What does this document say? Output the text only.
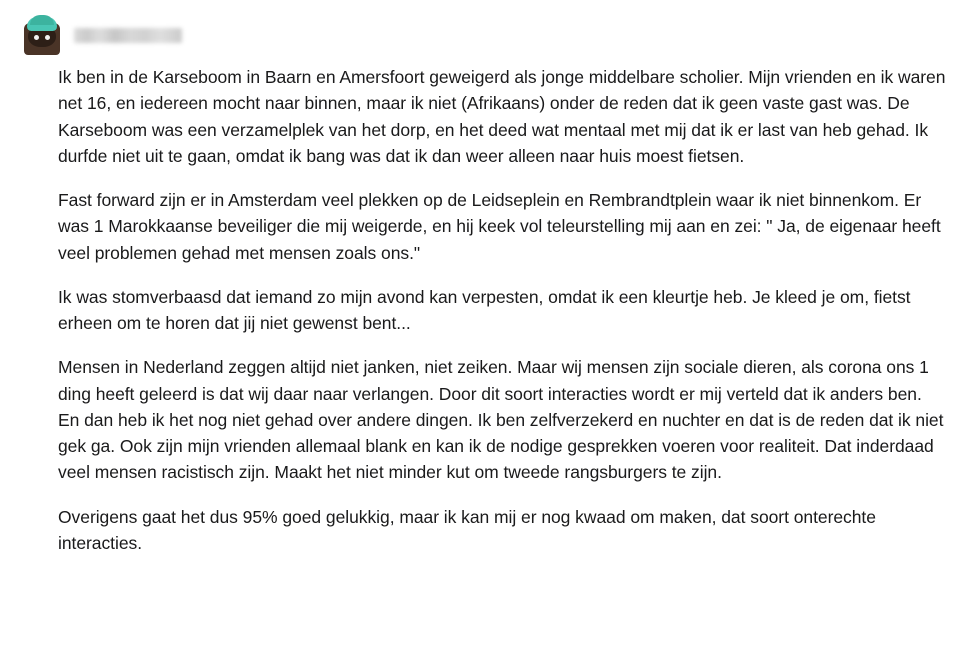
Ik ben in de Karseboom in Baarn en Amersfoort geweigerd als jonge middelbare scholier. Mijn vrienden en ik waren net 16, en iedereen mocht naar binnen, maar ik niet (Afrikaans) onder de reden dat ik geen vaste gast was. De Karseboom was een verzamelplek van het dorp, en het deed wat mentaal met mij dat ik er last van heb gehad. Ik durfde niet uit te gaan, omdat ik bang was dat ik dan weer alleen naar huis moest fietsen.

Fast forward zijn er in Amsterdam veel plekken op de Leidseplein en Rembrandtplein waar ik niet binnenkom. Er was 1 Marokkaanse beveiliger die mij weigerde, en hij keek vol teleurstelling mij aan en zei: " Ja, de eigenaar heeft veel problemen gehad met mensen zoals ons."

Ik was stomverbaasd dat iemand zo mijn avond kan verpesten, omdat ik een kleurtje heb. Je kleed je om, fietst erheen om te horen dat jij niet gewenst bent...

Mensen in Nederland zeggen altijd niet janken, niet zeiken. Maar wij mensen zijn sociale dieren, als corona ons 1 ding heeft geleerd is dat wij daar naar verlangen. Door dit soort interacties wordt er mij verteld dat ik anders ben. En dan heb ik het nog niet gehad over andere dingen. Ik ben zelfverzekerd en nuchter en dat is de reden dat ik niet gek ga. Ook zijn mijn vrienden allemaal blank en kan ik de nodige gesprekken voeren voor realiteit. Dat inderdaad veel mensen racistisch zijn. Maakt het niet minder kut om tweede rangsburgers te zijn.

Overigens gaat het dus 95% goed gelukkig, maar ik kan mij er nog kwaad om maken, dat soort onterechte interacties.
